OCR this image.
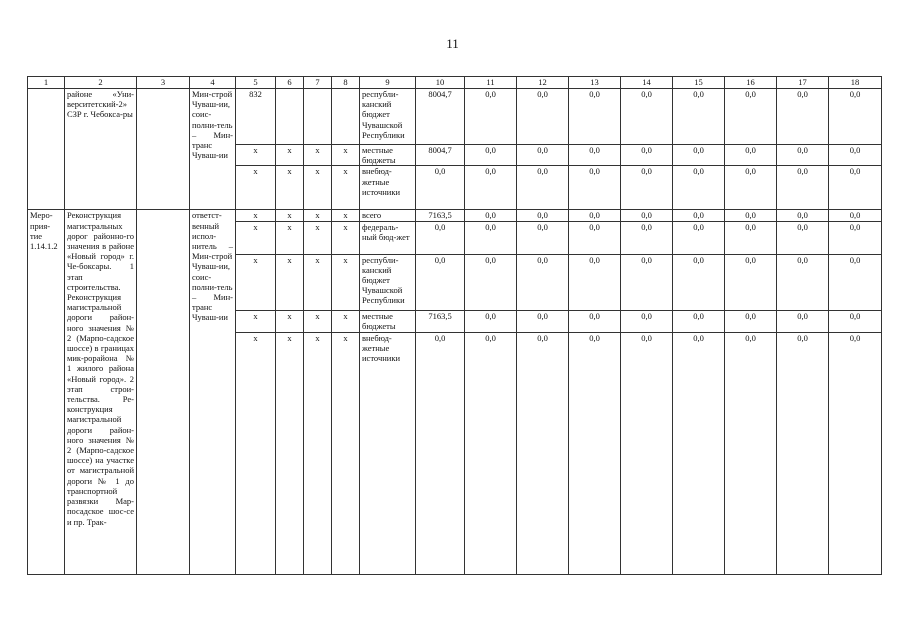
11
1	2	3	4	5	6	7	8	9	10	11	12	13	14	15	16	17	18
	районе «Уни-верситетский-2» СЗР г. Чебокса-ры		Мин-строй Чуваш-ии, соис-полни-тель – Мин-транс Чуваш-ии	832				республи-канский бюджет Чувашской Республики	8004,7	0,0	0,0	0,0	0,0	0,0	0,0	0,0	0,0
				x	x	x	x	местные бюджеты	8004,7	0,0	0,0	0,0	0,0	0,0	0,0	0,0	0,0
				x	x	x	x	внебюд-жетные источники	0,0	0,0	0,0	0,0	0,0	0,0	0,0	0,0	0,0
Меро-прия-тие 1.14.1.2	Реконструкция магистральных дорог районно-го значения в районе «Новый город» г. Че-боксары. 1 этап строительства. Реконструкция магистральной дороги район-ного значения № 2 (Марпо-садское шоссе) в границах мик-рорайона № 1 жилого района «Новый город». 2 этап строи-тельства. Ре-конструкция магистральной дороги район-ного значения № 2 (Марпо-садское шоссе) на участке от магистральной дороги № 1 до транспортной развязки Мар-посадское шос-се и пр. Трак-		ответст-венный испол-нитель – Мин-строй Чуваш-ии, соис-полни-тель – Мин-транс Чуваш-ии	x	x	x	x	всего	7163,5	0,0	0,0	0,0	0,0	0,0	0,0	0,0	0,0
				x	x	x	x	федераль-ный бюд-жет	0,0	0,0	0,0	0,0	0,0	0,0	0,0	0,0	0,0
				x	x	x	x	республи-канский бюджет Чувашской Республики	0,0	0,0	0,0	0,0	0,0	0,0	0,0	0,0	0,0
				x	x	x	x	местные бюджеты	7163,5	0,0	0,0	0,0	0,0	0,0	0,0	0,0	0,0
				x	x	x	x	внебюд-жетные источники	0,0	0,0	0,0	0,0	0,0	0,0	0,0	0,0	0,0
